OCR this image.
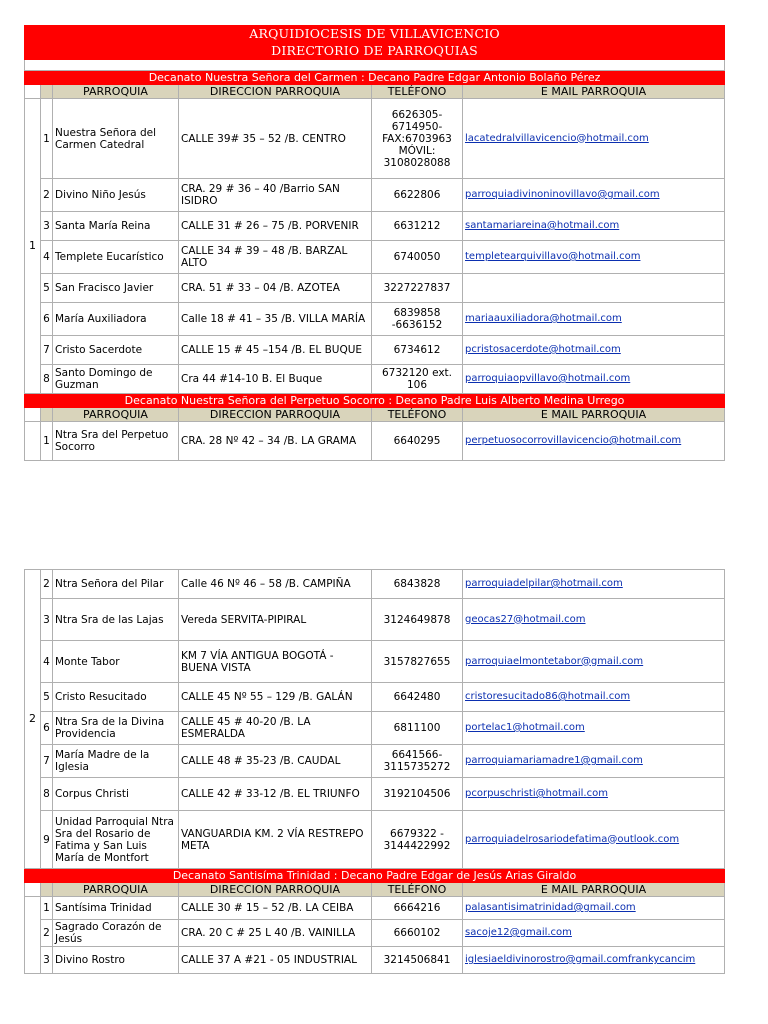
ARQUIDIOCESIS DE VILLAVICENCIO					
DIRECTORIO DE PARROQUIAS					

Decanato Nuestra Señora del Carmen : Decano Padre Edgar Antonio Bolaño Pérez					
		PARROQUIA	DIRECCION PARROQUIA	TELÉFONO	E MAIL PARROQUIA
1	1	Nuestra Señora del Carmen Catedral	CALLE 39# 35 – 52 /B. CENTRO	6626305-
6714950-
FAX:6703963
MÓVIL:
3108028088	lacatedralvillavicencio@hotmail.com
	2	Divino Niño Jesús	CRA. 29 # 36 – 40 /Barrio SAN ISIDRO	6622806	parroquiadivinoninovillavo@gmail.com
	3	Santa María Reina	CALLE 31 # 26 – 75 /B. PORVENIR	6631212	santamariareina@hotmail.com
	4	Templete Eucarístico	CALLE 34 # 39 – 48 /B. BARZAL ALTO	6740050	templetearquivillavo@hotmail.com
	5	San Fracisco Javier	CRA. 51 # 33 – 04 /B. AZOTEA	3227227837	
	6	María Auxiliadora	Calle 18 # 41 – 35 /B. VILLA MARÍA	6839858
-6636152	mariaauxiliadora@hotmail.com
	7	Cristo Sacerdote	CALLE 15 # 45 –154 /B. EL BUQUE	6734612	pcristosacerdote@hotmail.com
	8	Santo Domingo de Guzman	Cra 44 #14-10 B. El Buque	6732120 ext. 106	parroquiaopvillavo@hotmail.com
Decanato Nuestra Señora del Perpetuo Socorro : Decano Padre Luis Alberto Medina Urrego					
		PARROQUIA	DIRECCION PARROQUIA	TELÉFONO	E MAIL PARROQUIA
	1	Ntra Sra del Perpetuo Socorro	CRA. 28 Nº 42 – 34 /B. LA GRAMA	6640295	perpetuosocorrovillavicencio@hotmail.com
2	2	Ntra Señora del Pilar	Calle 46 Nº 46 – 58 /B. CAMPIÑA	6843828	parroquiadelpilar@hotmail.com
	3	Ntra Sra de las Lajas	Vereda SERVITA-PIPIRAL	3124649878	geocas27@hotmail.com
	4	Monte Tabor	KM 7 VÍA ANTIGUA BOGOTÁ - BUENA VISTA	3157827655	parroquiaelmontetabor@gmail.com
	5	Cristo Resucitado	CALLE 45 Nº 55 – 129 /B. GALÁN	6642480	cristoresucitado86@hotmail.com
	6	Ntra Sra de la Divina Providencia	CALLE 45 # 40-20 /B. LA ESMERALDA	6811100	portelac1@hotmail.com
	7	María Madre de la Iglesia	CALLE 48 # 35-23 /B. CAUDAL	6641566-
3115735272	parroquiamariamadre1@gmail.com
	8	Corpus Christi	CALLE 42 # 33-12 /B. EL TRIUNFO	3192104506	pcorpuschristi@hotmail.com
	9	Unidad Parroquial Ntra Sra del Rosario de Fatima y San Luis María de Montfort	VANGUARDIA KM. 2 VÍA RESTREPO META	6679322 -
3144422992	parroquiadelrosariodefatima@outlook.com
Decanato Santisíma Trinidad : Decano Padre Edgar de Jesús Arias Giraldo					
		PARROQUIA	DIRECCION PARROQUIA	TELÉFONO	E MAIL PARROQUIA
	1	Santísima Trinidad	CALLE 30 # 15 – 52 /B. LA CEIBA	6664216	palasantisimatrinidad@gmail.com
	2	Sagrado Corazón de Jesús	CRA. 20 C # 25 L 40 /B. VAINILLA	6660102	sacoje12@gmail.com
	3	Divino Rostro	CALLE 37 A #21 - 05 INDUSTRIAL	3214506841	iglesiaeldivinorostro@gmail.comfrankycancim
